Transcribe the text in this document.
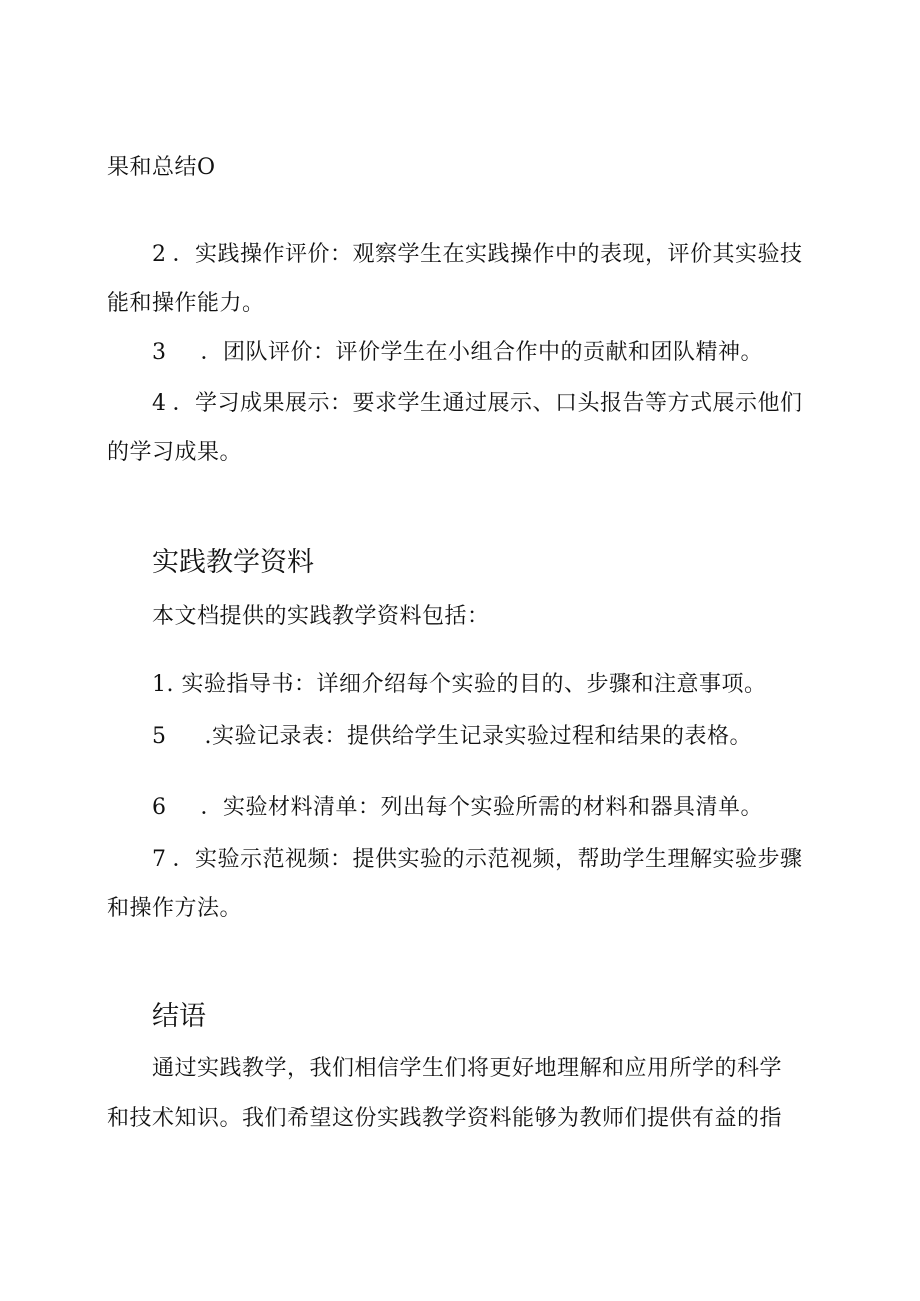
果和总结O
2 ．实践操作评价：观察学生在实践操作中的表现，评价其实验技
能和操作能力。
3 ．团队评价：评价学生在小组合作中的贡献和团队精神。
4 ．学习成果展示：要求学生通过展示、口头报告等方式展示他们
的学习成果。
实践教学资料
本文档提供的实践教学资料包括：
1. 实验指导书：详细介绍每个实验的目的、步骤和注意事项。
5 .实验记录表：提供给学生记录实验过程和结果的表格。
6 ．实验材料清单：列出每个实验所需的材料和器具清单。
7 ．实验示范视频：提供实验的示范视频，帮助学生理解实验步骤
和操作方法。
结语
通过实践教学，我们相信学生们将更好地理解和应用所学的科学
和技术知识。我们希望这份实践教学资料能够为教师们提供有益的指
